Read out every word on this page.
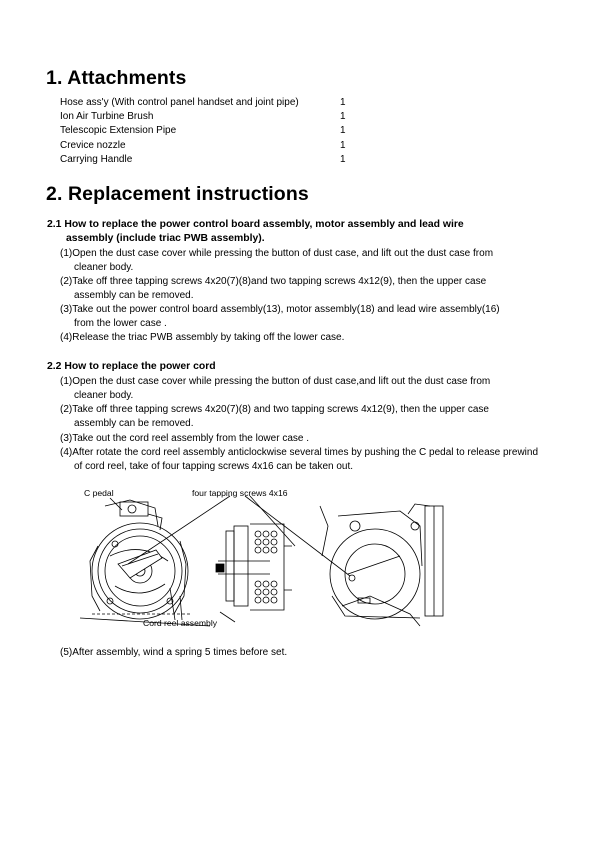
1. Attachments
Hose ass'y (With control panel handset and joint pipe)	1
Ion Air Turbine Brush	1
Telescopic Extension Pipe	1
Crevice nozzle	1
Carrying Handle	1
2. Replacement instructions
2.1 How to replace the power control board assembly, motor assembly and lead wire
assembly (include triac PWB assembly).
(1)Open the dust case cover while pressing the button of dust case, and lift out the dust case from
cleaner body.
(2)Take off three tapping screws 4x20(7)(8)and two tapping screws 4x12(9), then the upper case
assembly can be removed.
(3)Take out the power control board assembly(13), motor assembly(18) and lead wire assembly(16)
from the lower case .
(4)Release the triac PWB assembly by taking off the lower case.
2.2 How to replace the power cord
(1)Open the dust case cover while pressing the button of dust case,and lift out the dust case from
cleaner body.
(2)Take off three tapping screws 4x20(7)(8) and two tapping screws 4x12(9), then the upper case
assembly can be removed.
(3)Take out the cord reel assembly from the lower case .
(4)After rotate the cord reel assembly anticlockwise several times by pushing the C pedal to release prewind
of cord reel, take of four tapping screws 4x16 can be taken out.
C pedal	four tapping screws 4x16
Cord reel assembly
(5)After assembly, wind a spring 5 times before set.
